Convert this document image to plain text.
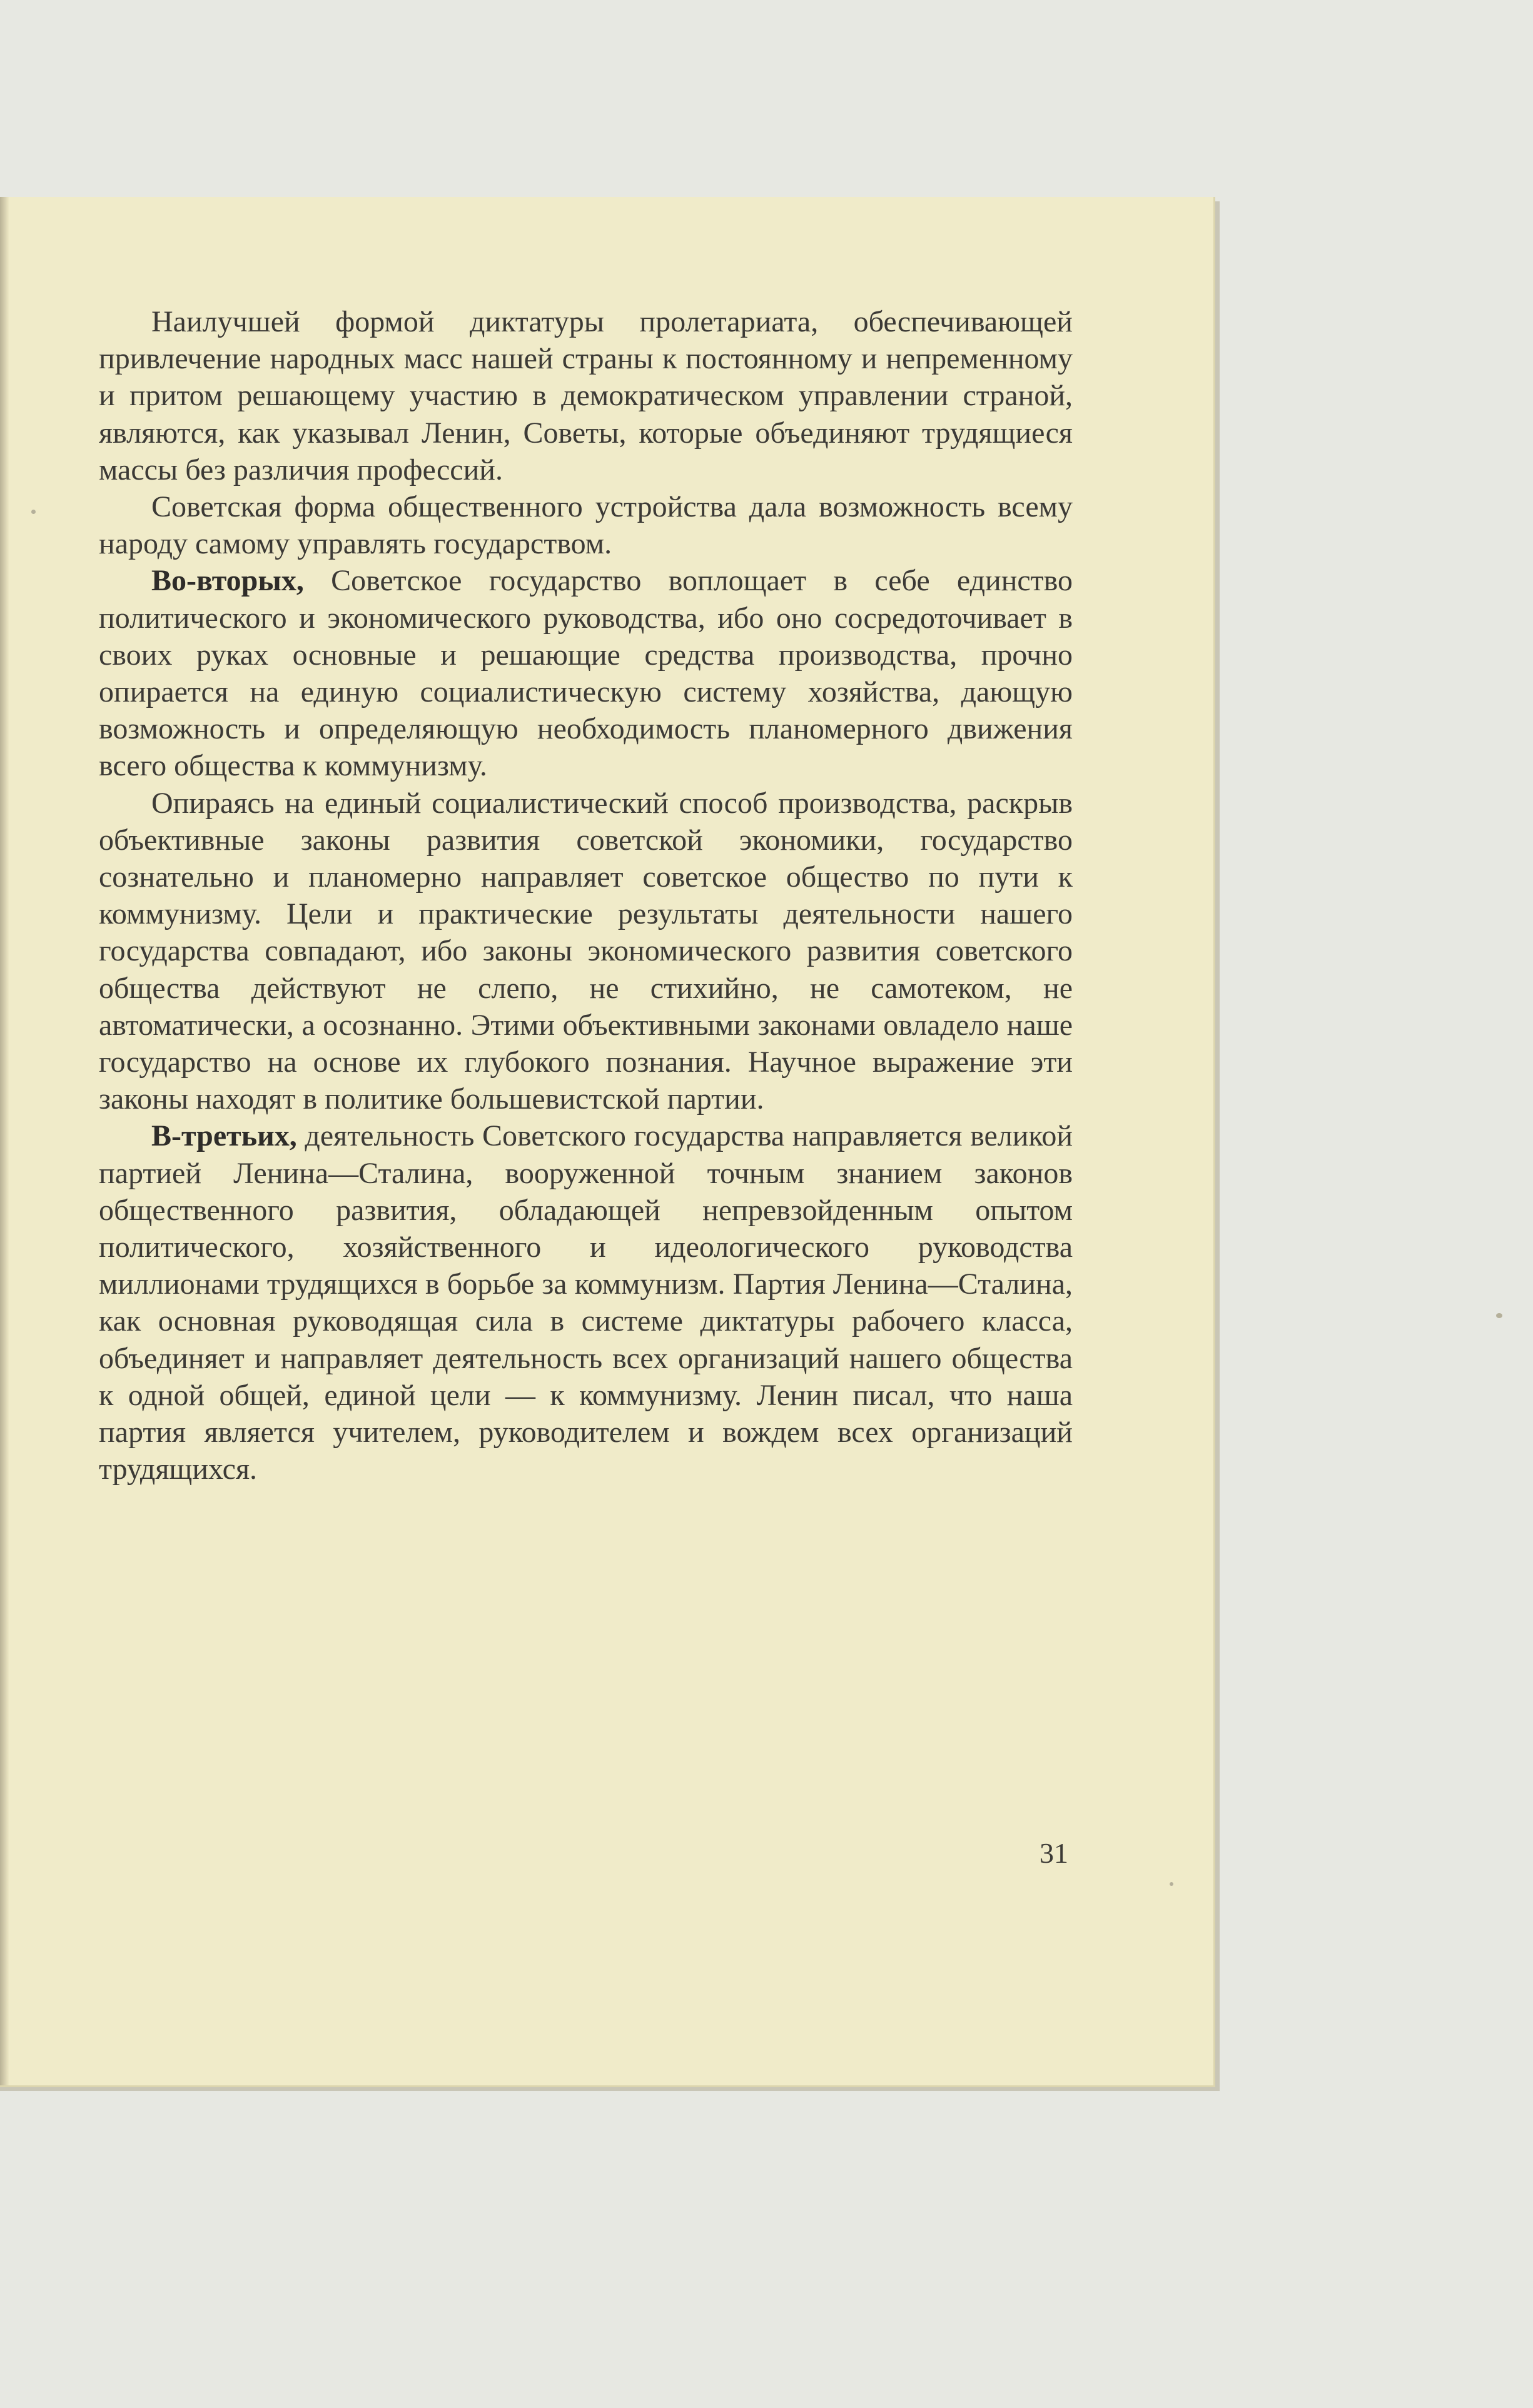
Наилучшей формой диктатуры пролетариата, обеспечивающей привлечение народных масс нашей страны к постоянному и непременному и притом решающему участию в демократическом управлении страной, являются, как указывал Ленин, Советы, которые объединяют трудящиеся массы без различия профессий.

Советская форма общественного устройства дала возможность всему народу самому управлять государством.

Во-вторых, Советское государство воплощает в себе единство политического и экономического руководства, ибо оно сосредоточивает в своих руках основные и решающие средства производства, прочно опирается на единую социалистическую систему хозяйства, дающую возможность и определяющую необходимость планомерного движения всего общества к коммунизму.

Опираясь на единый социалистический способ производства, раскрыв объективные законы развития советской экономики, государство сознательно и планомерно направляет советское общество по пути к коммунизму. Цели и практические результаты деятельности нашего государства совпадают, ибо законы экономического развития советского общества действуют не слепо, не стихийно, не самотеком, не автоматически, а осознанно. Этими объективными законами овладело наше государство на основе их глубокого познания. Научное выражение эти законы находят в политике большевистской партии.

В-третьих, деятельность Советского государства направляется великой партией Ленина—Сталина, вооруженной точным знанием законов общественного развития, обладающей непревзойденным опытом политического, хозяйственного и идеологического руководства миллионами трудящихся в борьбе за коммунизм. Партия Ленина—Сталина, как основная руководящая сила в системе диктатуры рабочего класса, объединяет и направляет деятельность всех организаций нашего общества к одной общей, единой цели — к коммунизму. Ленин писал, что наша партия является учителем, руководителем и вождем всех организаций трудящихся.

31
